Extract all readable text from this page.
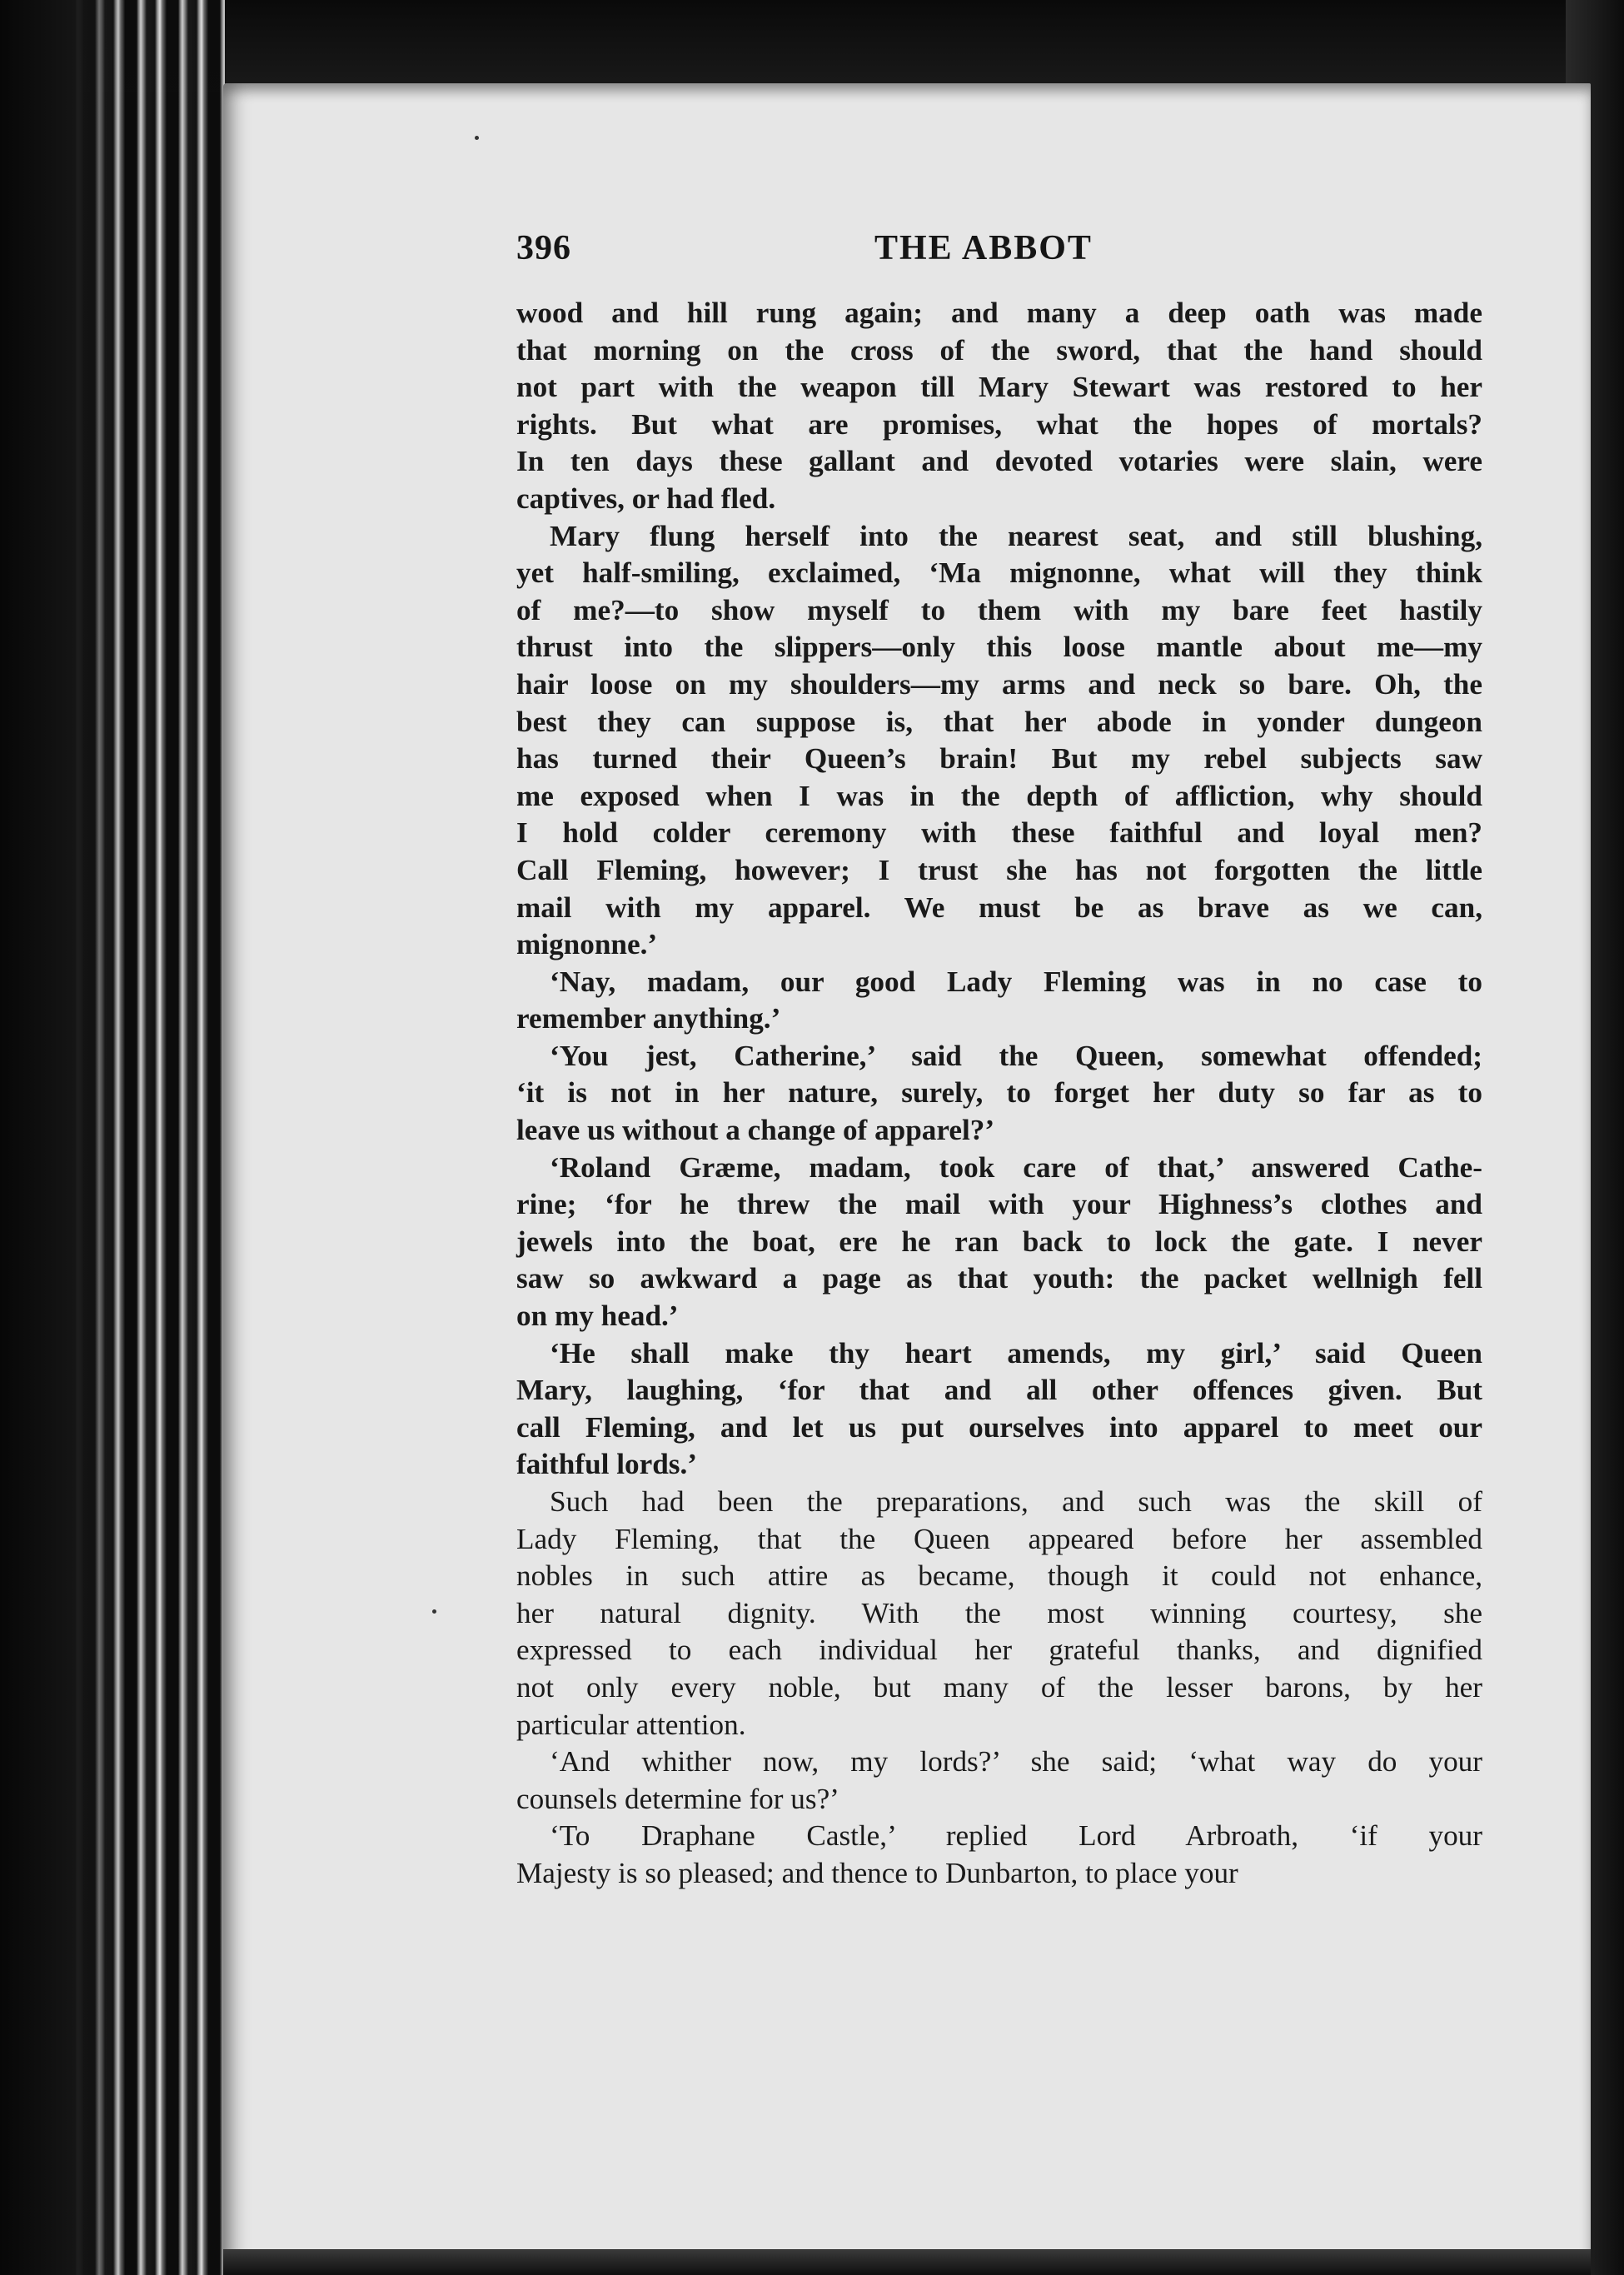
396	THE ABBOT
wood and hill rung again; and many a deep oath was made
that morning on the cross of the sword, that the hand should
not part with the weapon till Mary Stewart was restored to her
rights. But what are promises, what the hopes of mortals?
In ten days these gallant and devoted votaries were slain, were
captives, or had fled.
Mary flung herself into the nearest seat, and still blushing,
yet half-smiling, exclaimed, ‘Ma mignonne, what will they think
of me?—to show myself to them with my bare feet hastily
thrust into the slippers—only this loose mantle about me—my
hair loose on my shoulders—my arms and neck so bare. Oh, the
best they can suppose is, that her abode in yonder dungeon
has turned their Queen’s brain! But my rebel subjects saw
me exposed when I was in the depth of affliction, why should
I hold colder ceremony with these faithful and loyal men?
Call Fleming, however; I trust she has not forgotten the little
mail with my apparel. We must be as brave as we can,
mignonne.’
‘Nay, madam, our good Lady Fleming was in no case to
remember anything.’
‘You jest, Catherine,’ said the Queen, somewhat offended;
‘it is not in her nature, surely, to forget her duty so far as to
leave us without a change of apparel?’
‘Roland Græme, madam, took care of that,’ answered Cathe-
rine; ‘for he threw the mail with your Highness’s clothes and
jewels into the boat, ere he ran back to lock the gate. I never
saw so awkward a page as that youth: the packet wellnigh fell
on my head.’
‘He shall make thy heart amends, my girl,’ said Queen
Mary, laughing, ‘for that and all other offences given. But
call Fleming, and let us put ourselves into apparel to meet our
faithful lords.’
Such had been the preparations, and such was the skill of
Lady Fleming, that the Queen appeared before her assembled
nobles in such attire as became, though it could not enhance,
her natural dignity. With the most winning courtesy, she
expressed to each individual her grateful thanks, and dignified
not only every noble, but many of the lesser barons, by her
particular attention.
‘And whither now, my lords?’ she said; ‘what way do your
counsels determine for us?’
‘To Draphane Castle,’ replied Lord Arbroath, ‘if your
Majesty is so pleased; and thence to Dunbarton, to place your
